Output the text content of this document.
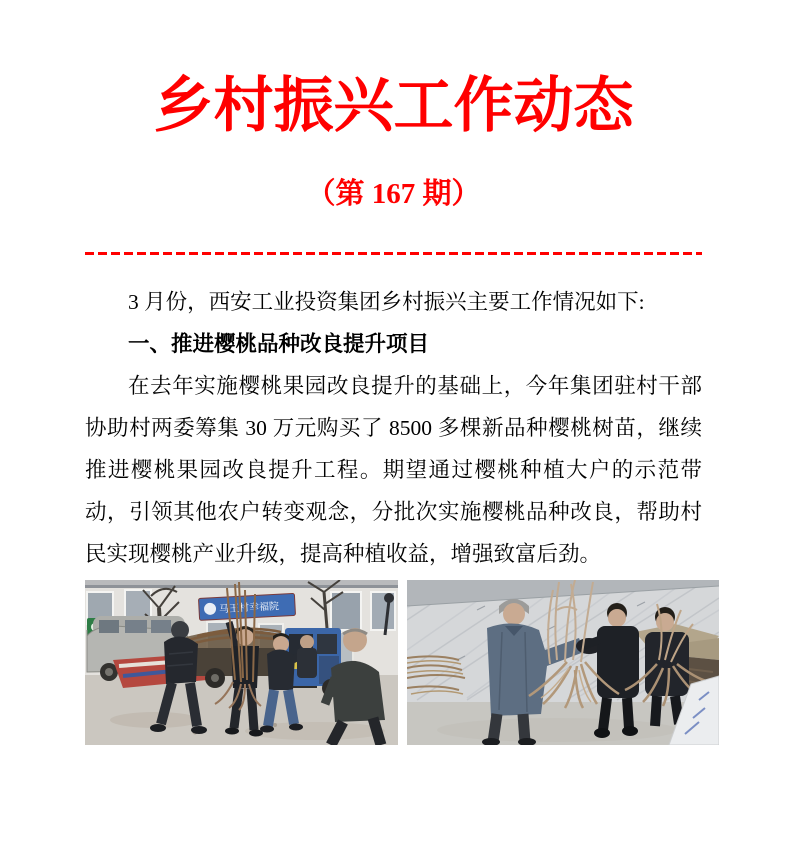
乡村振兴工作动态
（第 167 期）

3 月份，西安工业投资集团乡村振兴主要工作情况如下:

一、推进樱桃品种改良提升项目

在去年实施樱桃果园改良提升的基础上，今年集团驻村干部协助村两委筹集 30 万元购买了 8500 多棵新品种樱桃树苗，继续推进樱桃果园改良提升工程。期望通过樱桃种植大户的示范带动，引领其他农户转变观念，分批次实施樱桃品种改良，帮助村民实现樱桃产业升级，提高种植收益，增强致富后劲。

马王村幸福院
